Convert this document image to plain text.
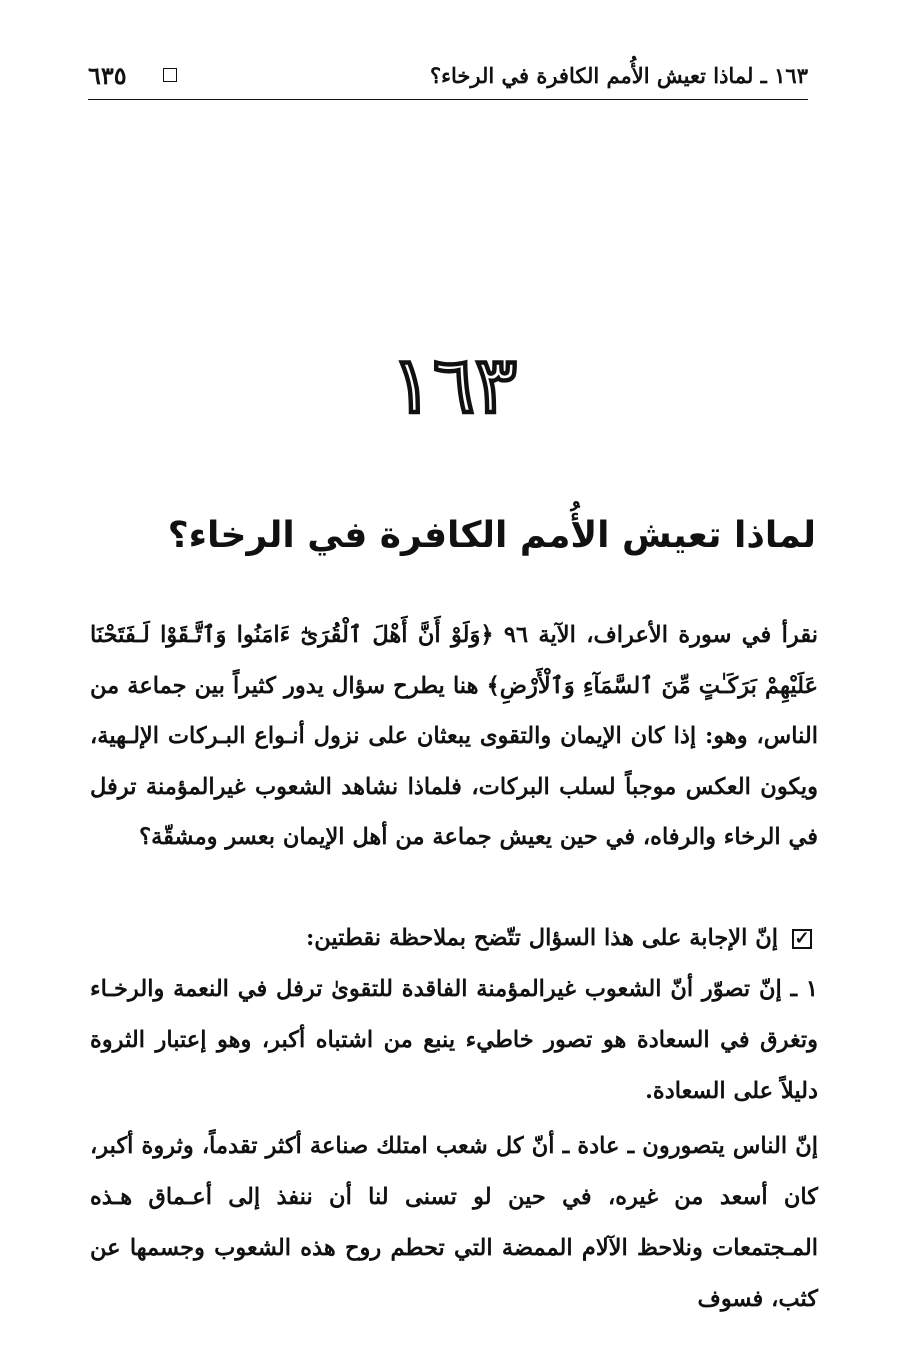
١٦٣ ـ لماذا تعيش الأُمم الكافرة في الرخاء؟
٦٣٥
١٦٣
لماذا تعيش الأُمم الكافرة في الرخاء؟

نقرأ في سورة الأعراف، الآية ٩٦ ﴿وَلَوْ أَنَّ أَهْلَ ٱلْقُرَىٰٓ ءَامَنُوا وَٱتَّـقَوْا لَـفَتَحْنَا عَلَيْهِمْ بَرَكَـٰتٍ مِّنَ ٱلسَّمَآءِ وَٱلْأَرْضِ﴾ هنا يطرح سؤال يدور كثيراً بين جماعة من الناس، وهو: إذا كان الإيمان والتقوى يبعثان على نزول أنـواع البـركات الإلـهية، ويكون العكس موجباً لسلب البركات، فلماذا نشاهد الشعوب غيرالمؤمنة ترفل في الرخاء والرفاه، في حين يعيش جماعة من أهل الإيمان بعسر ومشقّة؟

✓
إنّ الإجابة على هذا السؤال تتّضح بملاحظة نقطتين:

١ ـ إنّ تصوّر أنّ الشعوب غيرالمؤمنة الفاقدة للتقوىٰ ترفل في النعمة والرخـاء وتغرق في السعادة هو تصور خاطيء ينبع من اشتباه أكبر، وهو إعتبار الثروة دليلاً على السعادة.

إنّ الناس يتصورون ـ عادة ـ أنّ كل شعب امتلك صناعة أكثر تقدماً، وثروة أكبر، كان أسعد من غيره، في حين لو تسنى لنا أن ننفذ إلى أعـماق هـذه المـجتمعات ونلاحظ الآلام الممضة التي تحطم روح هذه الشعوب وجسمها عن كثب، فسوف
